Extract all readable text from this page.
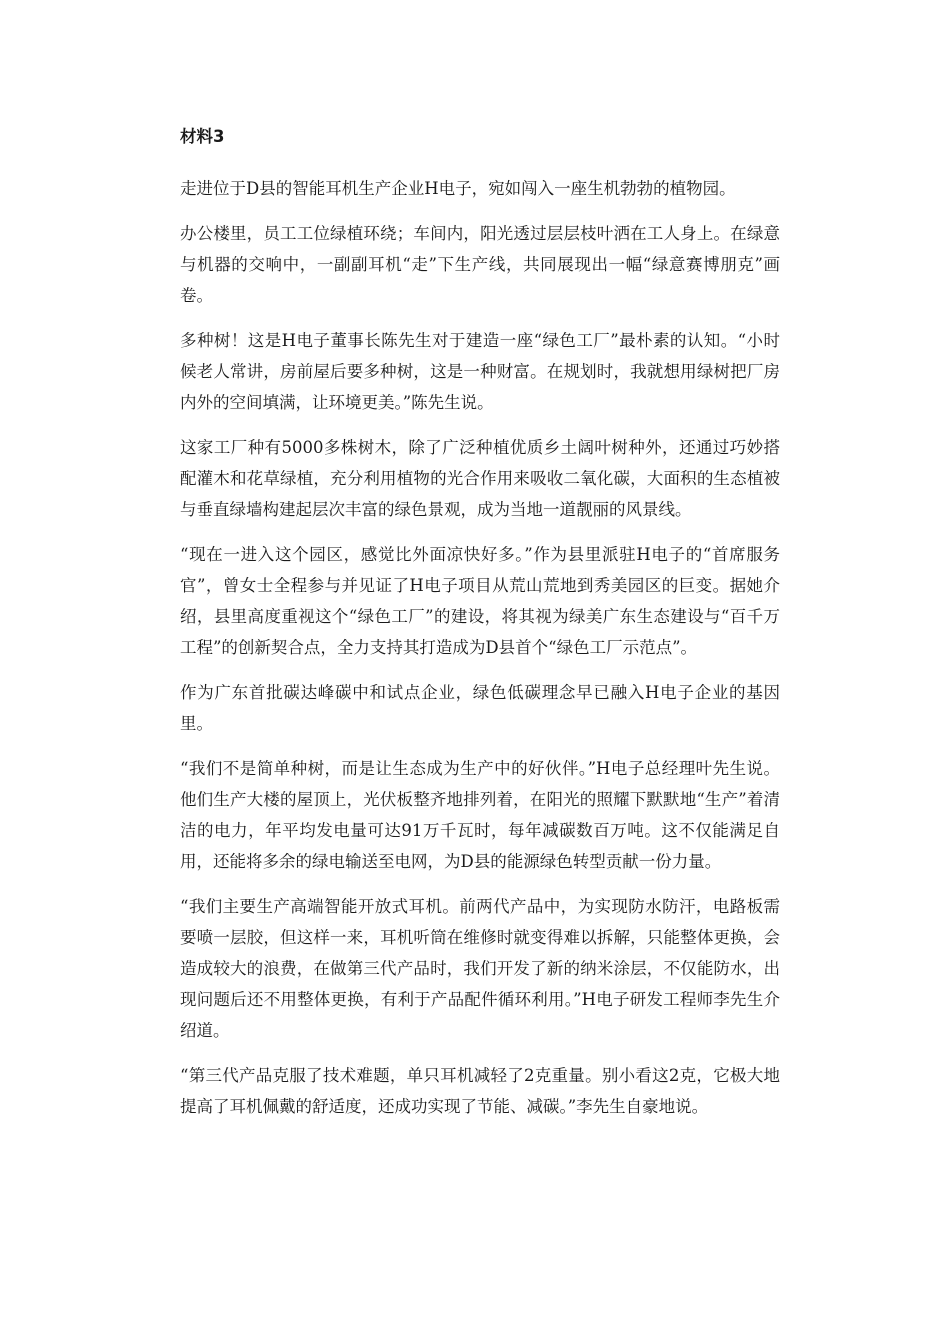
材料3

走进位于D县的智能耳机生产企业H电子，宛如闯入一座生机勃勃的植物园。

办公楼里，员工工位绿植环绕；车间内，阳光透过层层枝叶洒在工人身上。在绿意与机器的交响中，一副副耳机“走”下生产线，共同展现出一幅“绿意赛博朋克”画卷。

多种树！这是H电子董事长陈先生对于建造一座“绿色工厂”最朴素的认知。“小时候老人常讲，房前屋后要多种树，这是一种财富。在规划时，我就想用绿树把厂房内外的空间填满，让环境更美。”陈先生说。

这家工厂种有5000多株树木，除了广泛种植优质乡土阔叶树种外，还通过巧妙搭配灌木和花草绿植，充分利用植物的光合作用来吸收二氧化碳，大面积的生态植被与垂直绿墙构建起层次丰富的绿色景观，成为当地一道靓丽的风景线。

“现在一进入这个园区，感觉比外面凉快好多。”作为县里派驻H电子的“首席服务官”，曾女士全程参与并见证了H电子项目从荒山荒地到秀美园区的巨变。据她介绍，县里高度重视这个“绿色工厂”的建设，将其视为绿美广东生态建设与“百千万工程”的创新契合点，全力支持其打造成为D县首个“绿色工厂示范点”。

作为广东首批碳达峰碳中和试点企业，绿色低碳理念早已融入H电子企业的基因里。

“我们不是简单种树，而是让生态成为生产中的好伙伴。”H电子总经理叶先生说。他们生产大楼的屋顶上，光伏板整齐地排列着，在阳光的照耀下默默地“生产”着清洁的电力，年平均发电量可达91万千瓦时，每年减碳数百万吨。这不仅能满足自用，还能将多余的绿电输送至电网，为D县的能源绿色转型贡献一份力量。

“我们主要生产高端智能开放式耳机。前两代产品中，为实现防水防汗，电路板需要喷一层胶，但这样一来，耳机听筒在维修时就变得难以拆解，只能整体更换，会造成较大的浪费，在做第三代产品时，我们开发了新的纳米涂层，不仅能防水，出现问题后还不用整体更换，有利于产品配件循环利用。”H电子研发工程师李先生介绍道。

“第三代产品克服了技术难题，单只耳机减轻了2克重量。别小看这2克，它极大地提高了耳机佩戴的舒适度，还成功实现了节能、减碳。”李先生自豪地说。
